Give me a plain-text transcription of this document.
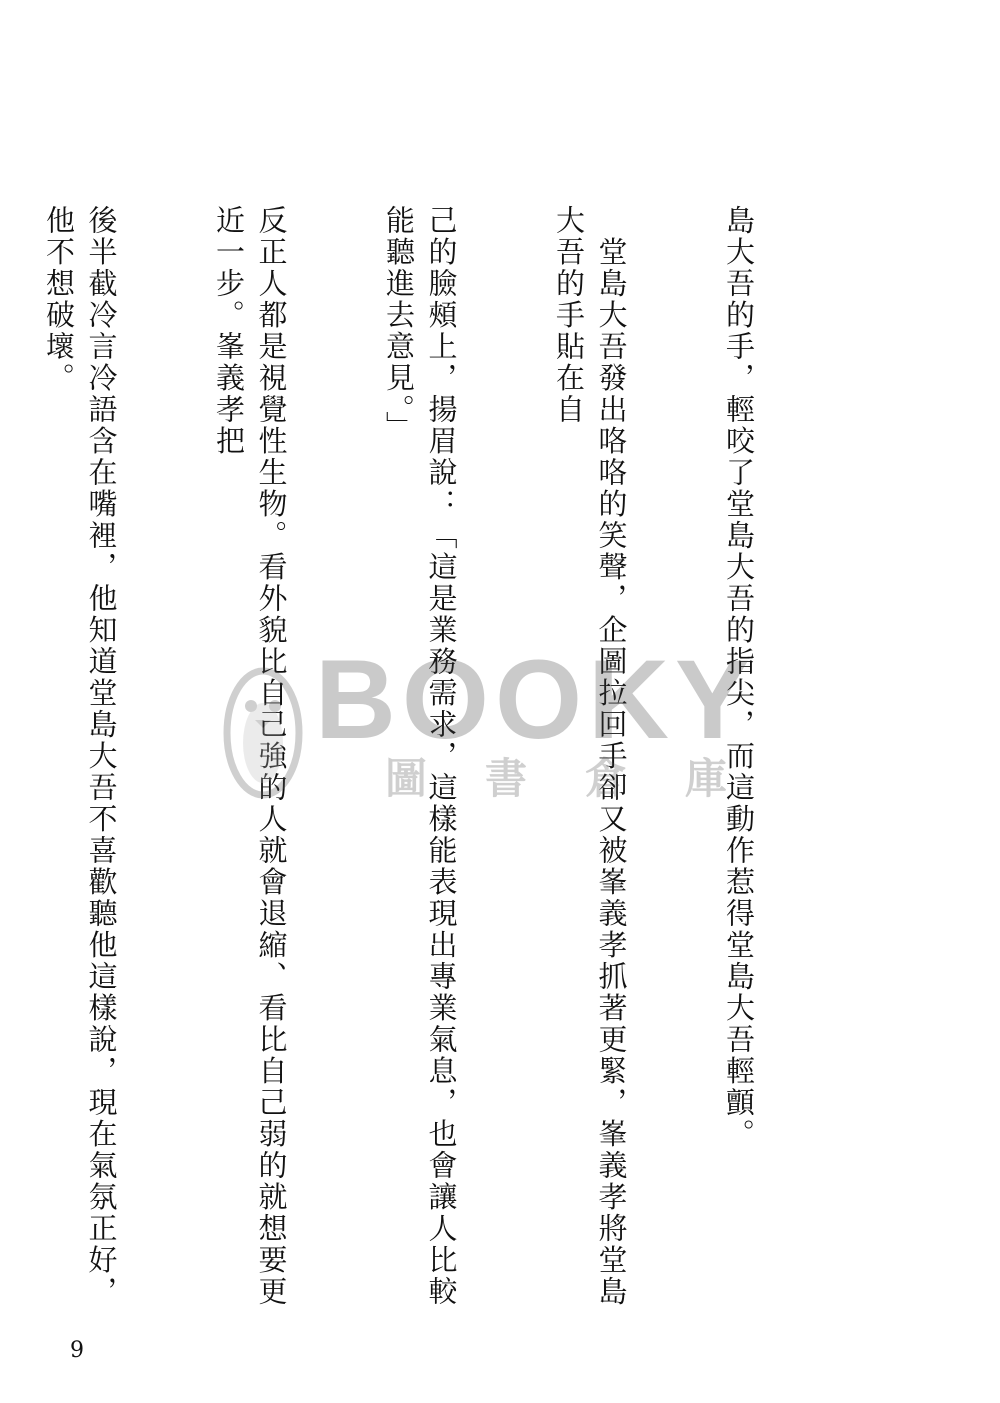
島大吾的手，輕咬了堂島大吾的指尖，而這動作惹得堂島大吾輕顫。

　堂島大吾發出咯咯的笑聲，企圖拉回手卻又被峯義孝抓著更緊，峯義孝將堂島大吾的手貼在自

己的臉頰上，揚眉說：「這是業務需求，這樣能表現出專業氣息，也會讓人比較能聽進去意見。」

反正人都是視覺性生物。看外貌比自己強的人就會退縮、看比自己弱的就想要更近一步。峯義孝把

後半截冷言冷語含在嘴裡，他知道堂島大吾不喜歡聽他這樣說，現在氣氛正好，他不想破壞。

BOOKY
圖書倉庫
9
